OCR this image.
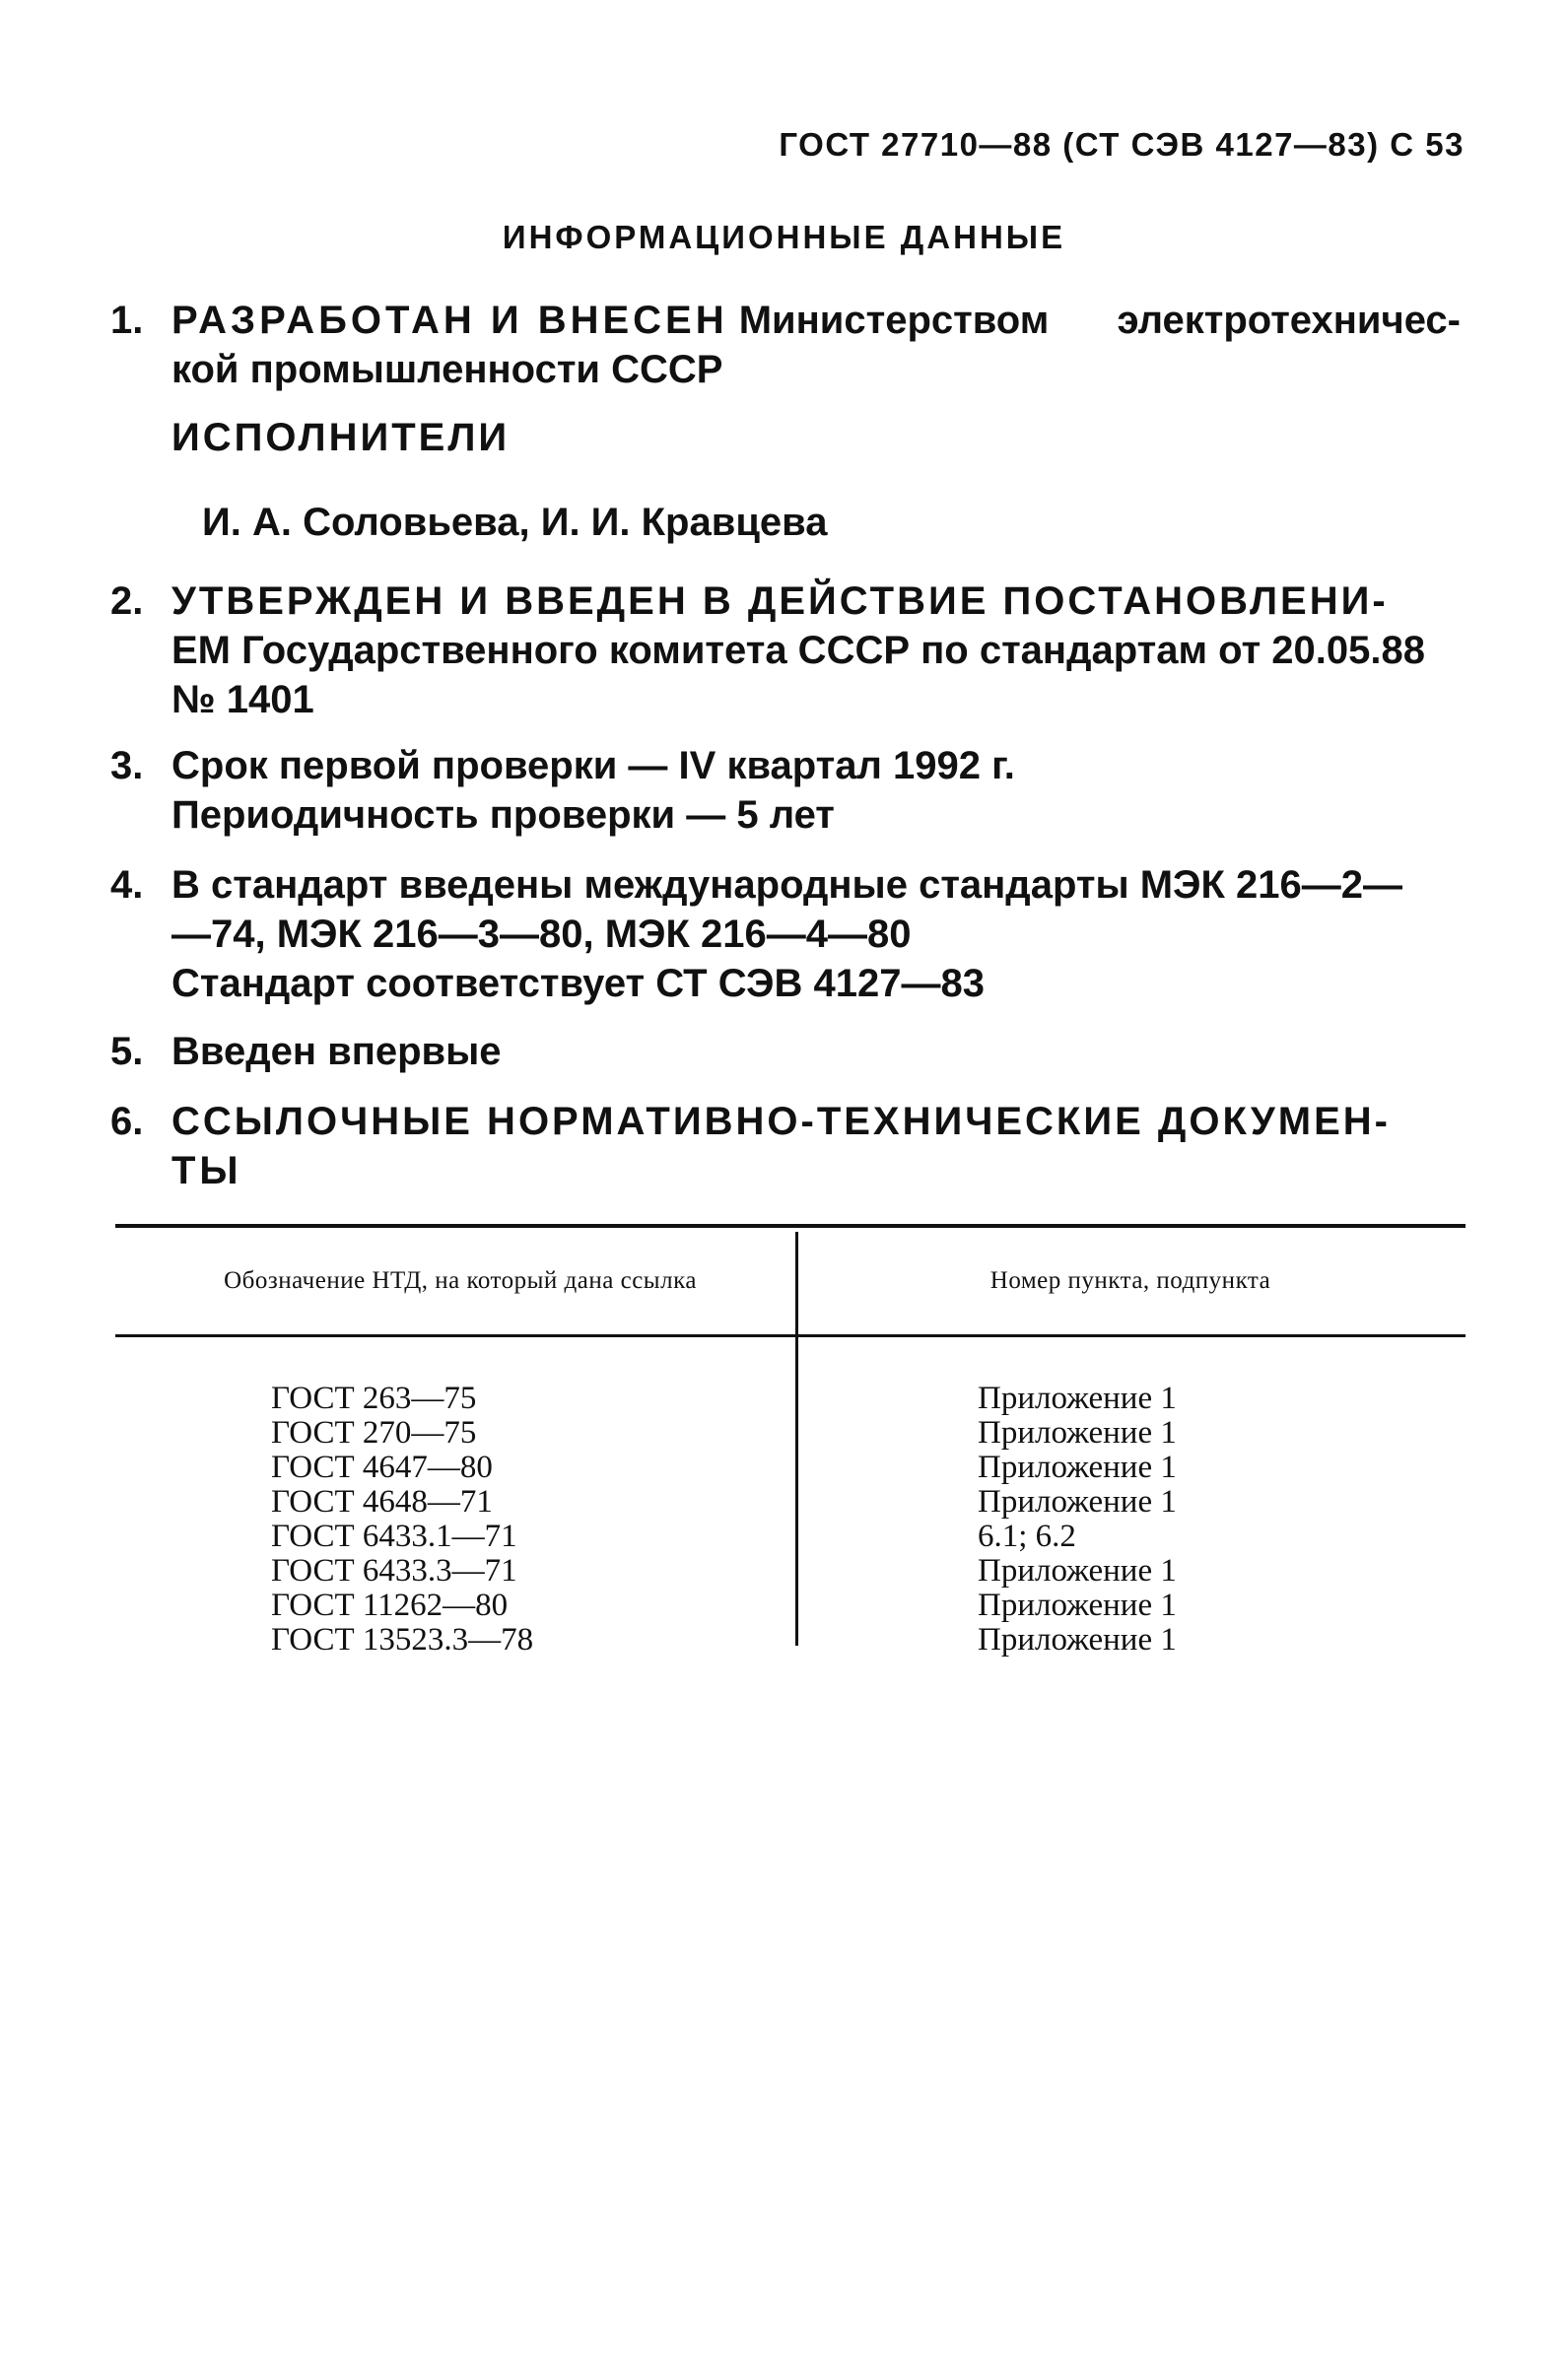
ГОСТ 27710—88 (СТ СЭВ 4127—83) С 53
ИНФОРМАЦИОННЫЕ ДАННЫЕ
1. РАЗРАБОТАН И ВНЕСЕН Министерством электротехничес-
кой промышленности СССР
ИСПОЛНИТЕЛИ
И. А. Соловьева, И. И. Кравцева
2. УТВЕРЖДЕН И ВВЕДЕН В ДЕЙСТВИЕ ПОСТАНОВЛЕНИ-
ЕМ Государственного комитета СССР по стандартам от 20.05.88
№ 1401
3. Срок первой проверки — IV квартал 1992 г.
Периодичность проверки — 5 лет
4. В стандарт введены международные стандарты МЭК 216—2—
—74, МЭК 216—3—80, МЭК 216—4—80
Стандарт соответствует СТ СЭВ 4127—83
5. Введен впервые
6. ССЫЛОЧНЫЕ НОРМАТИВНО-ТЕХНИЧЕСКИЕ ДОКУМЕН-
ТЫ
Обозначение НТД, на который дана ссылка	Номер пункта, подпункта
ГОСТ 263—75
ГОСТ 270—75
ГОСТ 4647—80
ГОСТ 4648—71
ГОСТ 6433.1—71
ГОСТ 6433.3—71
ГОСТ 11262—80
ГОСТ 13523.3—78
Приложение 1
Приложение 1
Приложение 1
Приложение 1
6.1; 6.2
Приложение 1
Приложение 1
Приложение 1
